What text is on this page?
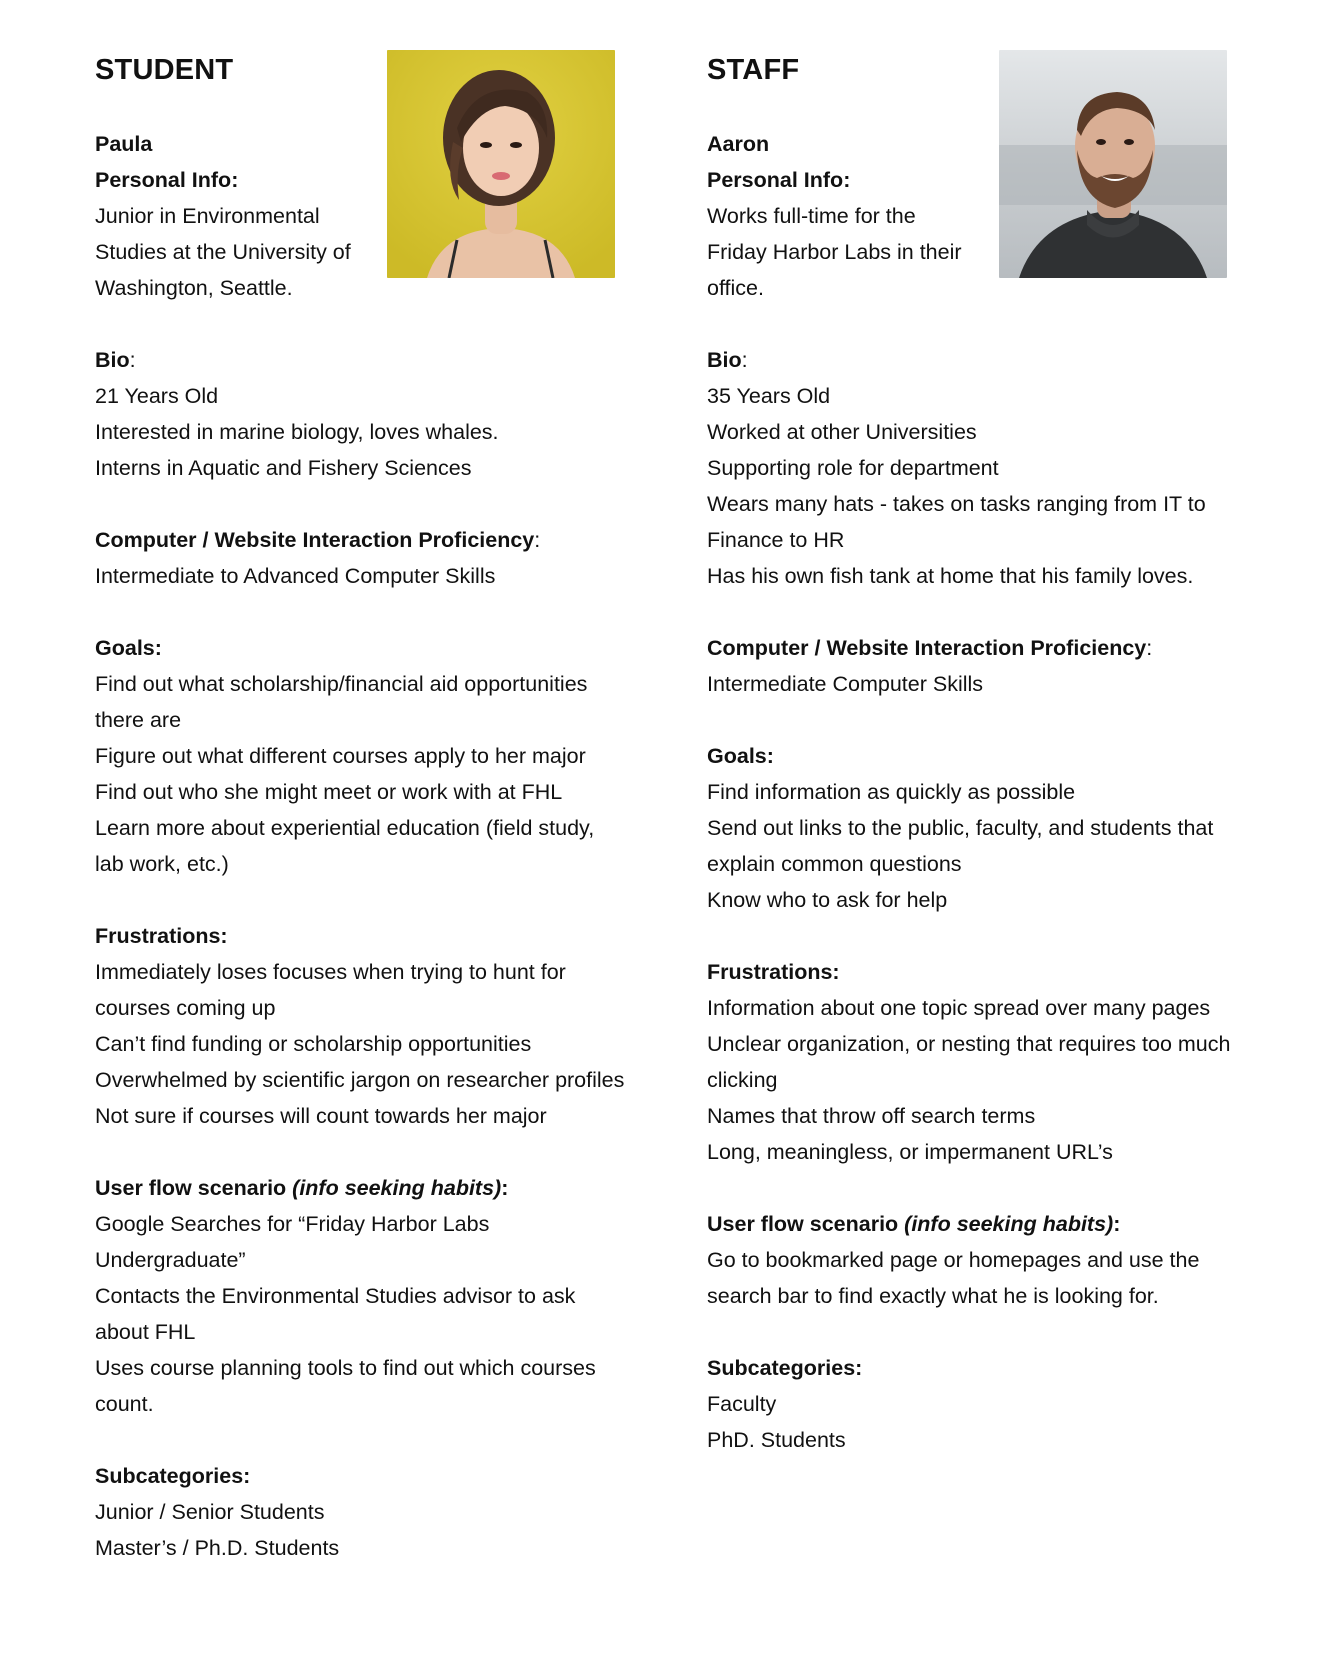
STUDENT
Paula
Personal Info:
Junior in Environmental
Studies at the University of
Washington, Seattle.
Bio:
21 Years Old
Interested in marine biology, loves whales.
Interns in Aquatic and Fishery Sciences
Computer / Website Interaction Proficiency:
Intermediate to Advanced Computer Skills
Goals:
Find out what scholarship/financial aid opportunities
there are
Figure out what different courses apply to her major
Find out who she might meet or work with at FHL
Learn more about experiential education (field study,
lab work, etc.)
Frustrations:
Immediately loses focuses when trying to hunt for
courses coming up
Can’t find funding or scholarship opportunities
Overwhelmed by scientific jargon on researcher profiles
Not sure if courses will count towards her major
User flow scenario (info seeking habits):
Google Searches for “Friday Harbor Labs
Undergraduate”
Contacts the Environmental Studies advisor to ask
about FHL
Uses course planning tools to find out which courses
count.
Subcategories:
Junior / Senior Students
Master’s / Ph.D. Students
STAFF
Aaron
Personal Info:
Works full-time for the
Friday Harbor Labs in their
office.
Bio:
35 Years Old
Worked at other Universities
Supporting role for department
Wears many hats - takes on tasks ranging from IT to
Finance to HR
Has his own fish tank at home that his family loves.
Computer / Website Interaction Proficiency:
Intermediate Computer Skills
Goals:
Find information as quickly as possible
Send out links to the public, faculty, and students that
explain common questions
Know who to ask for help
Frustrations:
Information about one topic spread over many pages
Unclear organization, or nesting that requires too much
clicking
Names that throw off search terms
Long, meaningless, or impermanent URL’s
User flow scenario (info seeking habits):
Go to bookmarked page or homepages and use the
search bar to find exactly what he is looking for.
Subcategories:
Faculty
PhD. Students
